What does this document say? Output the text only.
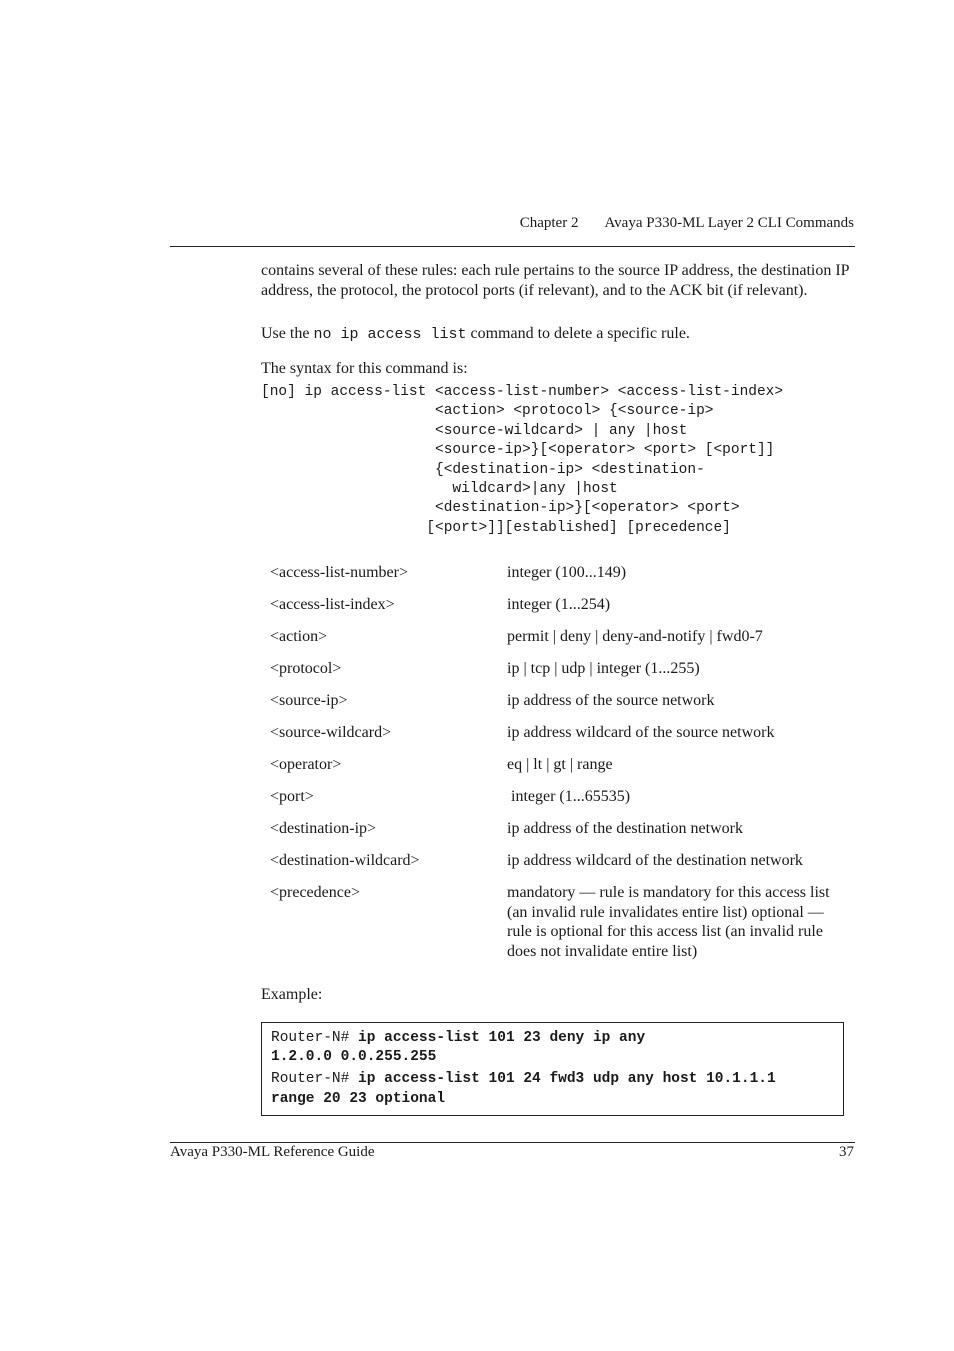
Chapter 2 Avaya P330-ML Layer 2 CLI Commands
contains several of these rules: each rule pertains to the source IP address, the destination IP address, the protocol, the protocol ports (if relevant), and to the ACK bit (if relevant).
Use the no ip access list command to delete a specific rule.
The syntax for this command is:
[no] ip access-list <access-list-number> <access-list-index>
<action> <protocol> {<source-ip>
<source-wildcard> | any |host
<source-ip>}[<operator> <port> [<port]]
{<destination-ip> <destination-
wildcard>|any |host
<destination-ip>}[<operator> <port>
[<port>]][established] [precedence]
<access-list-number>	integer (100...149)
<access-list-index>	integer (1...254)
<action>	permit | deny | deny-and-notify | fwd0-7
<protocol>	ip | tcp | udp | integer (1...255)
<source-ip>	ip address of the source network
<source-wildcard>	ip address wildcard of the source network
<operator>	eq | lt | gt | range
<port>	integer (1...65535)
<destination-ip>	ip address of the destination network
<destination-wildcard>	ip address wildcard of the destination network
<precedence>	mandatory — rule is mandatory for this access list (an invalid rule invalidates entire list) optional — rule is optional for this access list (an invalid rule does not invalidate entire list)
Example:
Router-N# ip access-list 101 23 deny ip any
1.2.0.0 0.0.255.255
Router-N# ip access-list 101 24 fwd3 udp any host 10.1.1.1
range 20 23 optional
Avaya P330-ML Reference Guide	37
